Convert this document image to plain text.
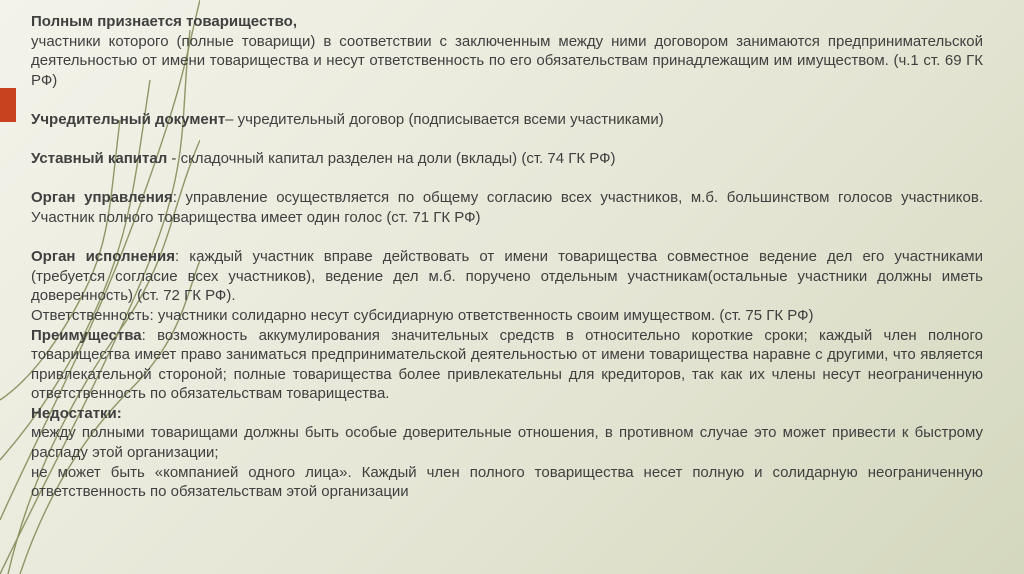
Полным признается товарищество,
участники которого (полные товарищи) в соответствии с заключенным между ними договором занимаются предпринимательской деятельностью от имени товарищества и несут ответственность по его обязательствам принадлежащим им имуществом. (ч.1 ст. 69 ГК РФ)

Учредительный документ– учредительный договор (подписывается всеми участниками)

Уставный капитал - складочный капитал разделен на доли (вклады) (ст. 74 ГК РФ)

Орган управления: управление осуществляется по общему согласию всех участников, м.б. большинством голосов участников. Участник полного товарищества имеет один голос (ст. 71 ГК РФ)

Орган исполнения: каждый участник вправе действовать от имени товарищества совместное ведение дел его участниками (требуется согласие всех участников), ведение дел м.б. поручено отдельным участникам(остальные участники должны иметь доверенность) (ст. 72 ГК РФ).

Ответственность: участники солидарно несут субсидиарную ответственность своим имуществом. (ст. 75 ГК РФ)

Преимущества: возможность аккумулирования значительных средств в относительно короткие сроки; каждый член полного товарищества имеет право заниматься предпринимательской деятельностью от имени товарищества наравне с другими, что является привлекательной стороной; полные товарищества более привлекательны для кредиторов, так как их члены несут неограниченную ответственность по обязательствам товарищества.

Недостатки:
между полными товарищами должны быть особые доверительные отношения, в противном случае это может привести к быстрому распаду этой организации;
не может быть «компанией одного лица». Каждый член полного товарищества несет полную и солидарную неограниченную ответственность по обязательствам этой организации
